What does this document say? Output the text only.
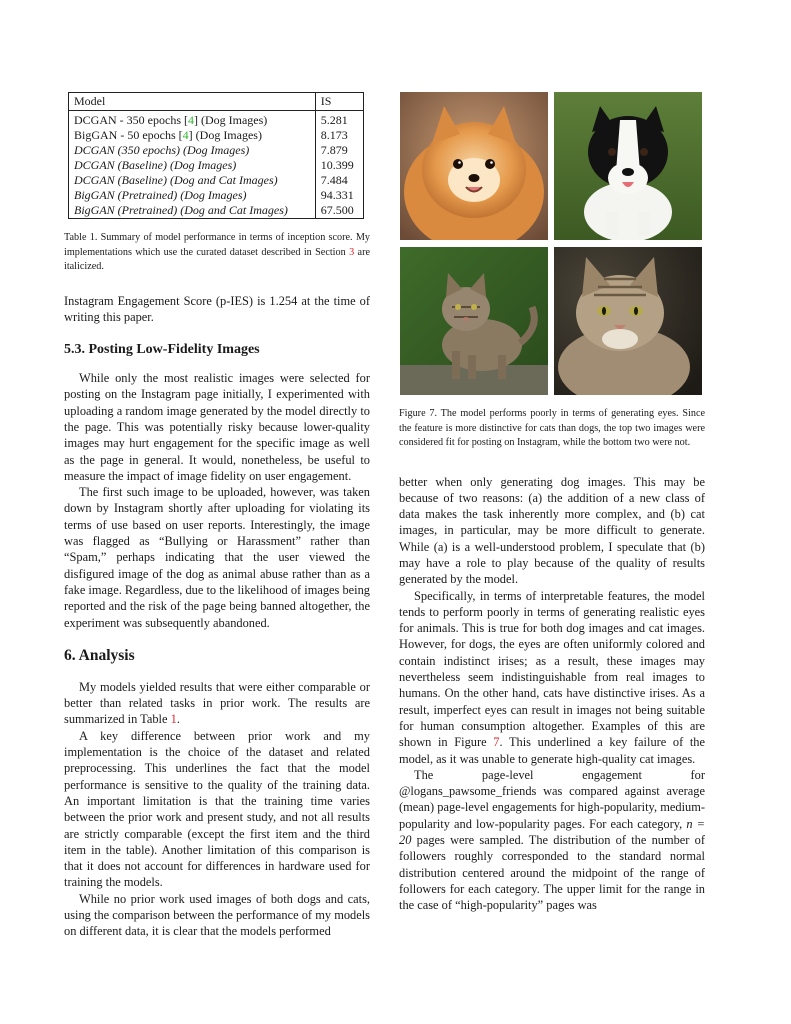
Model	IS

DCGAN - 350 epochs [4] (Dog Images)	5.281
BigGAN - 50 epochs [4] (Dog Images)	8.173
DCGAN (350 epochs) (Dog Images)	7.879
DCGAN (Baseline) (Dog Images)	10.399
DCGAN (Baseline) (Dog and Cat Images)	7.484
BigGAN (Pretrained) (Dog Images)	94.331
BigGAN (Pretrained) (Dog and Cat Images)	67.500
Table 1. Summary of model performance in terms of inception score. My implementations which use the curated dataset described in Section 3 are italicized.

Instagram Engagement Score (p-IES) is 1.254 at the time of writing this paper.

5.3. Posting Low-Fidelity Images

While only the most realistic images were selected for posting on the Instagram page initially, I experimented with uploading a random image generated by the model directly to the page. This was potentially risky because lower-quality images may hurt engagement for the specific image as well as the page in general. It would, nonetheless, be useful to measure the impact of image fidelity on user engagement.

The first such image to be uploaded, however, was taken down by Instagram shortly after uploading for violating its terms of use based on user reports. Interestingly, the image was flagged as “Bullying or Harassment” rather than “Spam,” perhaps indicating that the user viewed the disfigured image of the dog as animal abuse rather than as a fake image. Regardless, due to the likelihood of images being reported and the risk of the page being banned altogether, the experiment was subsequently abandoned.

6. Analysis

My models yielded results that were either comparable or better than related tasks in prior work. The results are summarized in Table 1.

A key difference between prior work and my implementation is the choice of the dataset and related preprocessing. This underlines the fact that the model performance is sensitive to the quality of the training data. An important limitation is that the training time varies between the prior work and present study, and not all results are strictly comparable (except the first item and the third item in the table). Another limitation of this comparison is that it does not account for differences in hardware used for training the models.

While no prior work used images of both dogs and cats, using the comparison between the performance of my models on different data, it is clear that the models performed

Figure 7. The model performs poorly in terms of generating eyes. Since the feature is more distinctive for cats than dogs, the top two images were considered fit for posting on Instagram, while the bottom two were not.

better when only generating dog images. This may be because of two reasons: (a) the addition of a new class of data makes the task inherently more complex, and (b) cat images, in particular, may be more difficult to generate. While (a) is a well-understood problem, I speculate that (b) may have a role to play because of the quality of results generated by the model.

Specifically, in terms of interpretable features, the model tends to perform poorly in terms of generating realistic eyes for animals. This is true for both dog images and cat images. However, for dogs, the eyes are often uniformly colored and contain indistinct irises; as a result, these images may nevertheless seem indistinguishable from real images to humans. On the other hand, cats have distinctive irises. As a result, imperfect eyes can result in images not being suitable for human consumption altogether. Examples of this are shown in Figure 7. This underlined a key failure of the model, as it was unable to generate high-quality cat images.

The page-level engagement for @logans_pawsome_friends was compared against average (mean) page-level engagements for high-popularity, medium-popularity and low-popularity pages. For each category, n = 20 pages were sampled. The distribution of the number of followers roughly corresponded to the standard normal distribution centered around the midpoint of the range of followers for each category. The upper limit for the range in the case of “high-popularity” pages was
